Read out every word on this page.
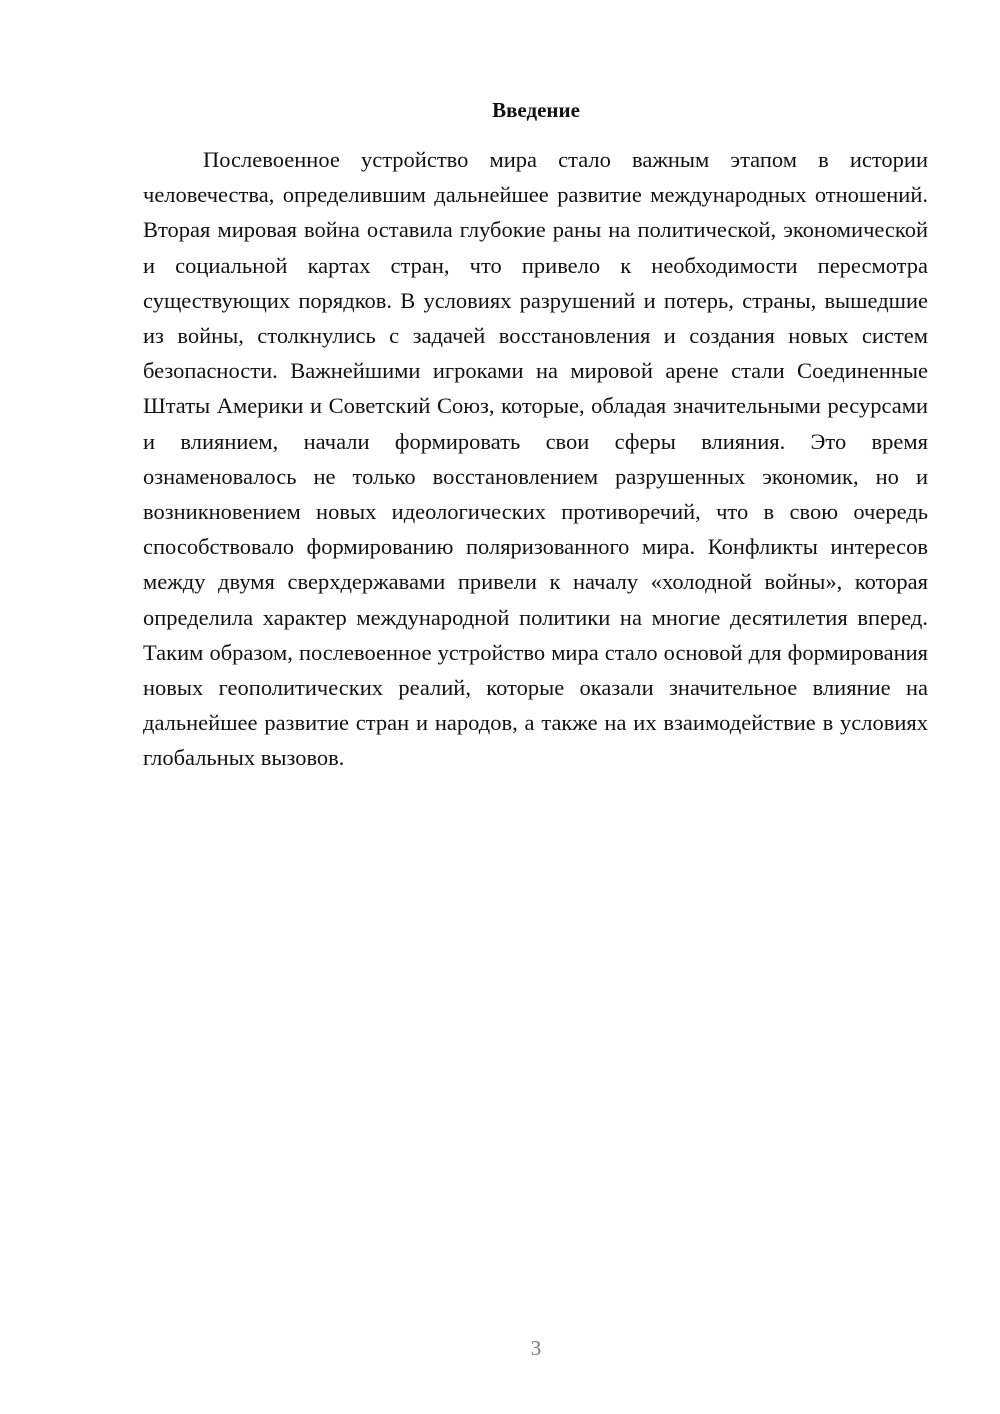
Введение

Послевоенное устройство мира стало важным этапом в истории человечества, определившим дальнейшее развитие международных отношений. Вторая мировая война оставила глубокие раны на политической, экономической и социальной картах стран, что привело к необходимости пересмотра существующих порядков. В условиях разрушений и потерь, страны, вышедшие из войны, столкнулись с задачей восстановления и создания новых систем безопасности. Важнейшими игроками на мировой арене стали Соединенные Штаты Америки и Советский Союз, которые, обладая значительными ресурсами и влиянием, начали формировать свои сферы влияния. Это время ознаменовалось не только восстановлением разрушенных экономик, но и возникновением новых идеологических противоречий, что в свою очередь способствовало формированию поляризованного мира. Конфликты интересов между двумя сверхдержавами привели к началу «холодной войны», которая определила характер международной политики на многие десятилетия вперед. Таким образом, послевоенное устройство мира стало основой для формирования новых геополитических реалий, которые оказали значительное влияние на дальнейшее развитие стран и народов, а также на их взаимодействие в условиях глобальных вызовов.

3
